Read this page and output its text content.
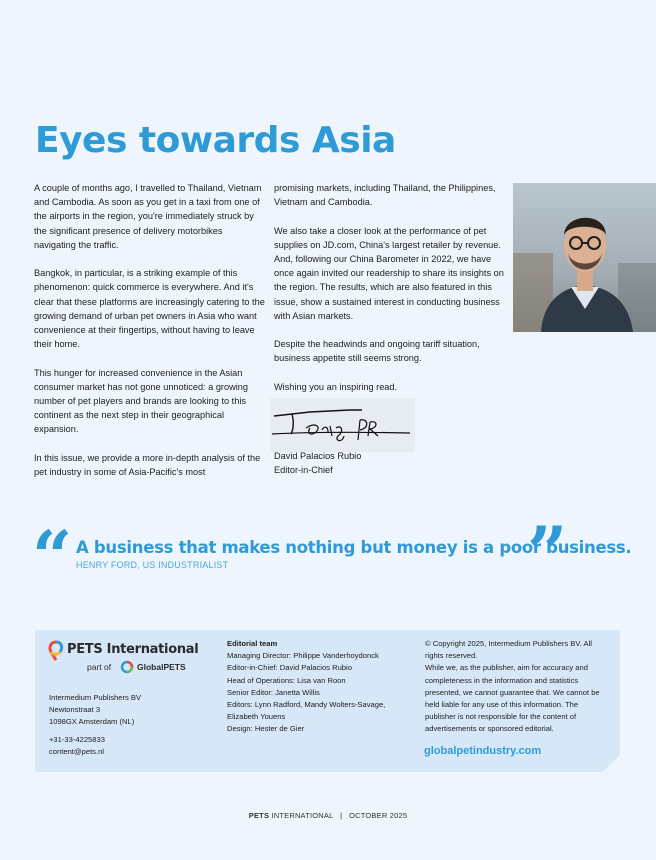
Eyes towards Asia

A couple of months ago, I travelled to Thailand, Vietnam and Cambodia. As soon as you get in a taxi from one of the airports in the region, you're immediately struck by the significant presence of delivery motorbikes navigating the traffic.

Bangkok, in particular, is a striking example of this phenomenon: quick commerce is everywhere. And it's clear that these platforms are increasingly catering to the growing demand of urban pet owners in Asia who want convenience at their fingertips, without having to leave their home.

This hunger for increased convenience in the Asian consumer market has not gone unnoticed: a growing number of pet players and brands are looking to this continent as the next step in their geographical expansion.

In this issue, we provide a more in-depth analysis of the pet industry in some of Asia-Pacific's most

promising markets, including Thailand, the Philippines, Vietnam and Cambodia.

We also take a closer look at the performance of pet supplies on JD.com, China's largest retailer by revenue. And, following our China Barometer in 2022, we have once again invited our readership to share its insights on the region. The results, which are also featured in this issue, show a sustained interest in conducting business with Asian markets.

Despite the headwinds and ongoing tariff situation, business appetite still seems strong.

Wishing you an inspiring read.

David Palacios Rubio
Editor-in-Chief
“ A business that makes nothing but money is a poor business.
”
HENRY FORD, US INDUSTRIALIST
PETS International
part of	GlobalPETS
Intermedium Publishers BV
Newtonstraat 3
1098GX Amsterdam (NL)
+31-33-4225833
content@pets.nl
Editorial team
Managing Director: Philippe Vanderhoydonck
Editor-in-Chief: David Palacios Rubio
Head of Operations: Lisa van Roon
Senior Editor: Janetta Willis
Editors: Lynn Radford, Mandy Wolters-Savage, Elizabeth Youens
Design: Hester de Gier
© Copyright 2025, Intermedium Publishers BV. All rights reserved.
While we, as the publisher, aim for accuracy and completeness in the information and statistics presented, we cannot guarantee that. We cannot be held liable for any use of this information. The publisher is not responsible for the content of advertisements or sponsored editorial.
globalpetindustry.com
PETS INTERNATIONAL | OCTOBER 2025
